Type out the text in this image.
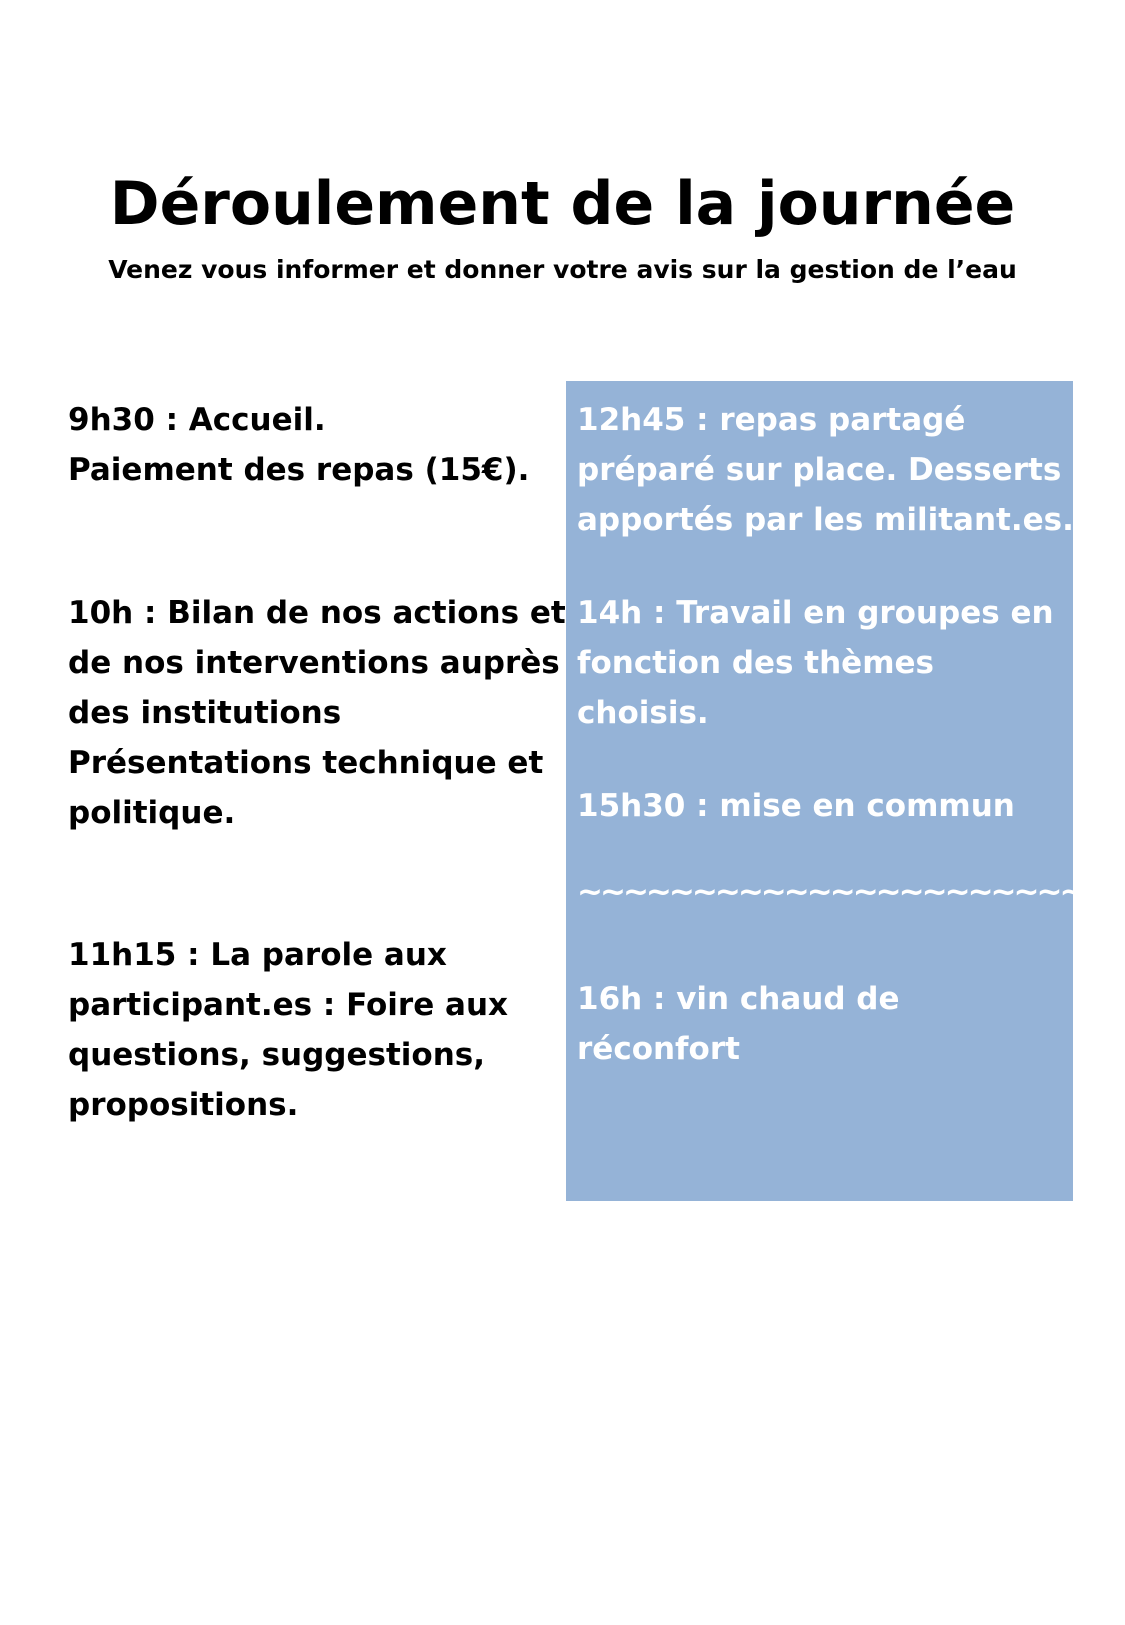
Déroulement de la journée
Venez vous informer et donner votre avis sur la gestion de l’eau

9h30 : Accueil.

Paiement des repas (15€).

10h : Bilan de nos actions et

de nos interventions auprès

des institutions

Présentations technique et

politique.

11h15 : La parole aux

participant.es : Foire aux

questions, suggestions,

propositions.

12h45 : repas partagé

préparé sur place. Desserts

apportés par les militant.es.

14h : Travail en groupes en

fonction des thèmes

choisis.

15h30 : mise en commun

~~~~~~~~~~~~~~~~~~~~~~

16h : vin chaud de

réconfort
